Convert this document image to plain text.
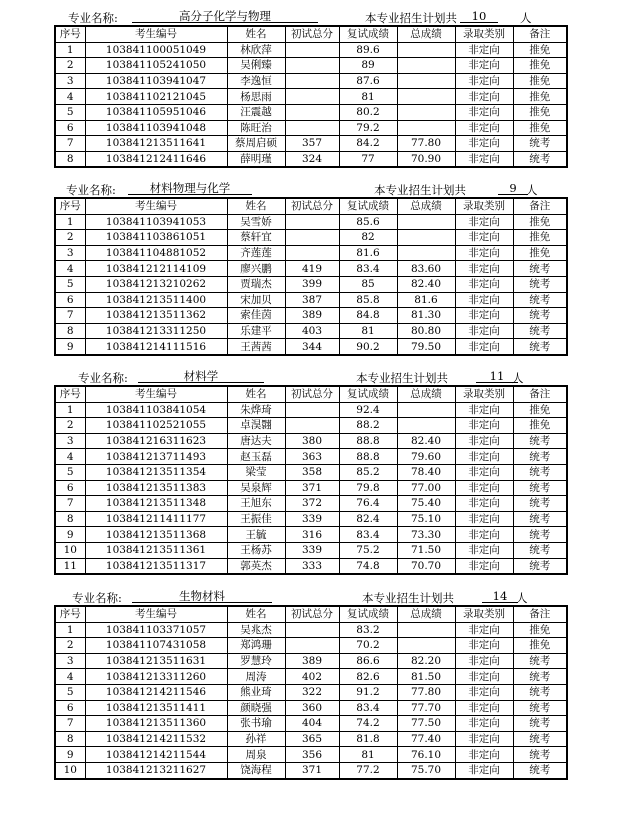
专业名称:	高分子化学与物理	本专业招生计划共	10	人
序号	考生编号	姓名	初试总分	复试成绩	总成绩	录取类别	备注
1	103841100051049	林欣萍		89.6		非定向	推免
2	103841105241050	吴俐臻		89		非定向	推免
3	103841103941047	李逸恒		87.6		非定向	推免
4	103841102121045	杨思雨		81		非定向	推免
5	103841105951046	汪震越		80.2		非定向	推免
6	103841103941048	陈旺治		79.2		非定向	推免
7	103841213511641	蔡周启硕	357	84.2	77.80	非定向	统考
8	103841212411646	薛明瑾	324	77	70.90	非定向	统考
专业名称:	材料物理与化学	本专业招生计划共	9 人
序号	考生编号	姓名	初试总分	复试成绩	总成绩	录取类别	备注
1	103841103941053	吴雪娇		85.6		非定向	推免
2	103841103861051	蔡轩宜		82		非定向	推免
3	103841104881052	齐莲莲		81.6		非定向	推免
4	103841212114109	廖兴鹏	419	83.4	83.60	非定向	统考
5	103841213210262	贾瑞杰	399	85	82.40	非定向	统考
6	103841213511400	宋加贝	387	85.8	81.6	非定向	统考
7	103841213511362	索佳茵	389	84.8	81.30	非定向	统考
8	103841213311250	乐建平	403	81	80.80	非定向	统考
9	103841214111516	王茜茜	344	90.2	79.50	非定向	统考
专业名称:	材料学	本专业招生计划共	11 人
序号	考生编号	姓名	初试总分	复试成绩	总成绩	录取类别	备注
1	103841103841054	朱烨琦		92.4		非定向	推免
2	103841102521055	卓淏翾		88.2		非定向	推免
3	103841216311623	唐达夫	380	88.8	82.40	非定向	统考
4	103841213711493	赵玉磊	363	88.8	79.60	非定向	统考
5	103841213511354	梁莹	358	85.2	78.40	非定向	统考
6	103841213511383	吴泉辉	371	79.8	77.00	非定向	统考
7	103841213511348	王旭东	372	76.4	75.40	非定向	统考
8	103841211411177	王振佳	339	82.4	75.10	非定向	统考
9	103841213511368	王毓	316	83.4	73.30	非定向	统考
10	103841213511361	王杨苏	339	75.2	71.50	非定向	统考
11	103841213511317	郭英杰	333	74.8	70.70	非定向	统考
专业名称:	生物材料	本专业招生计划共	14 人
序号	考生编号	姓名	初试总分	复试成绩	总成绩	录取类别	备注
1	103841103371057	吴兆杰		83.2		非定向	推免
2	103841107431058	郑鸿珊		70.2		非定向	推免
3	103841213511631	罗慧玲	389	86.6	82.20	非定向	统考
4	103841213311260	周涛	402	82.6	81.50	非定向	统考
5	103841214211546	熊业琦	322	91.2	77.80	非定向	统考
6	103841213511411	颜晓强	360	83.4	77.70	非定向	统考
7	103841213511360	张书瑜	404	74.2	77.50	非定向	统考
8	103841214211532	孙祥	365	81.8	77.40	非定向	统考
9	103841214211544	周泉	356	81	76.10	非定向	统考
10	103841213211627	饶海程	371	77.2	75.70	非定向	统考
